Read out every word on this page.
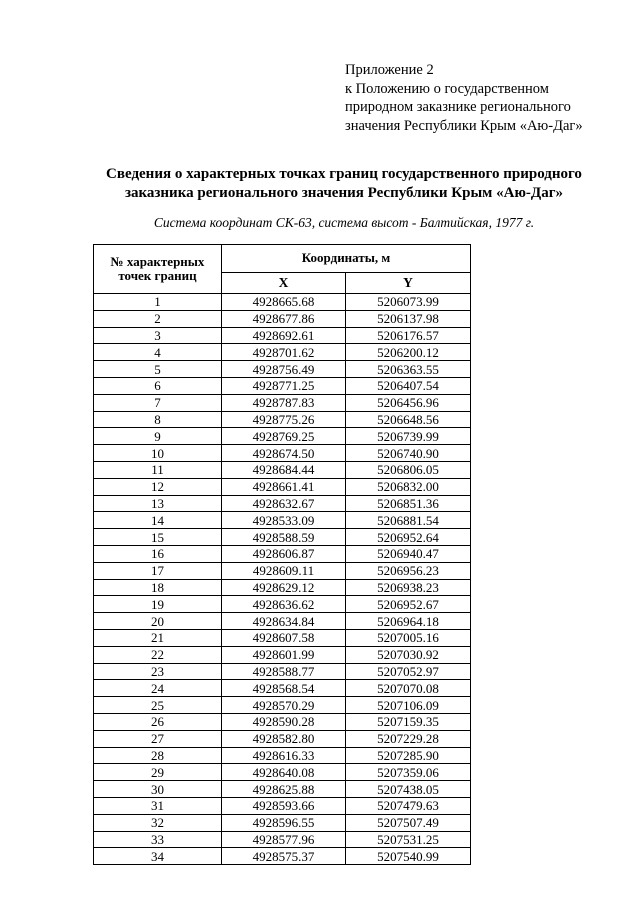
Приложение 2
к Положению о государственном
природном заказнике регионального
значения Республики Крым «Аю-Даг»
Сведения о характерных точках границ государственного природного
заказника регионального значения Республики Крым «Аю-Даг»
Система координат СК-63, система высот - Балтийская, 1977 г.
№ характерных
точек границ	Координаты, м	
	X	Y
1	4928665.68	5206073.99
2	4928677.86	5206137.98
3	4928692.61	5206176.57
4	4928701.62	5206200.12
5	4928756.49	5206363.55
6	4928771.25	5206407.54
7	4928787.83	5206456.96
8	4928775.26	5206648.56
9	4928769.25	5206739.99
10	4928674.50	5206740.90
11	4928684.44	5206806.05
12	4928661.41	5206832.00
13	4928632.67	5206851.36
14	4928533.09	5206881.54
15	4928588.59	5206952.64
16	4928606.87	5206940.47
17	4928609.11	5206956.23
18	4928629.12	5206938.23
19	4928636.62	5206952.67
20	4928634.84	5206964.18
21	4928607.58	5207005.16
22	4928601.99	5207030.92
23	4928588.77	5207052.97
24	4928568.54	5207070.08
25	4928570.29	5207106.09
26	4928590.28	5207159.35
27	4928582.80	5207229.28
28	4928616.33	5207285.90
29	4928640.08	5207359.06
30	4928625.88	5207438.05
31	4928593.66	5207479.63
32	4928596.55	5207507.49
33	4928577.96	5207531.25
34	4928575.37	5207540.99
